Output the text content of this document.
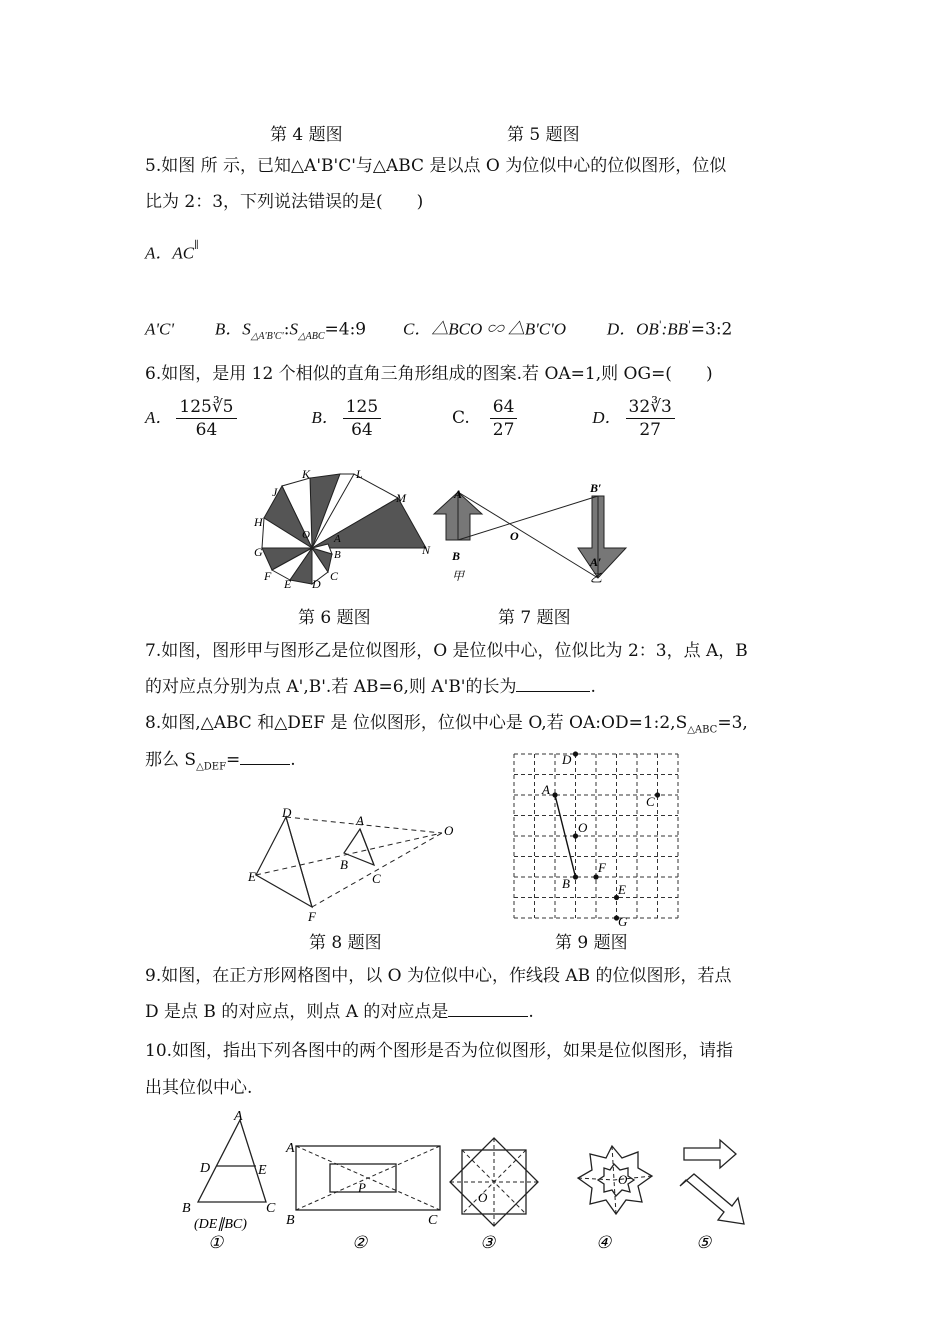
第 4 题图	第 5 题图
5.如图 所 示，已知△A'B'C'与△ABC 是以点 O 为位似中心的位似图形，位似
比为 2：3，下列说法错误的是(　　)
A．AC∥
A'C' B．$S_{\triangle A'B'C'}:S_{\triangle ABC}=4:9$ C．△BCO ∽ △B'C'O D．OB':BB'=3:2
6.如图，是用 12 个相似的直角三角形组成的图案.若 OA=1,则 OG=(　　)
A． $\frac{125∛5}{64}$	B． $\frac{125}{64}$	C. $\frac{64}{27}$	D． $\frac{32∛3}{27}$
K	L
J	M
H
G
O A
N
F
E D
C
B
A
B
O
A′
B′
甲	乙
第 6 题图	第 7 题图
7.如图，图形甲与图形乙是位似图形，O 是位似中心，位似比为 2：3，点 A，B
的对应点分别为点 A',B'.若 AB=6,则 A'B'的长为	.
8.如图,△ABC 和△DEF 是 位似图形，位似中心是 O,若 $OA:OD=1:2,S_{\triangle ABC}=3$,
那么 $S_{\triangle DEF}=$	.
D
A
O
B
C
E
F
D
A
C
O
F
B	E
G
第 8 题图	第 9 题图
9.如图，在正方形网格图中，以 O 为位似中心，作线段 AB 的位似图形，若点
D 是点 B 的对应点，则点 A 的对应点是	.
10.如图，指出下列各图中的两个图形是否为位似图形，如果是位似图形，请指
出其位似中心.
A
D	E
B	C
(DE∥BC)
A
B	C
P
O
O
①	②	③	④	⑤
